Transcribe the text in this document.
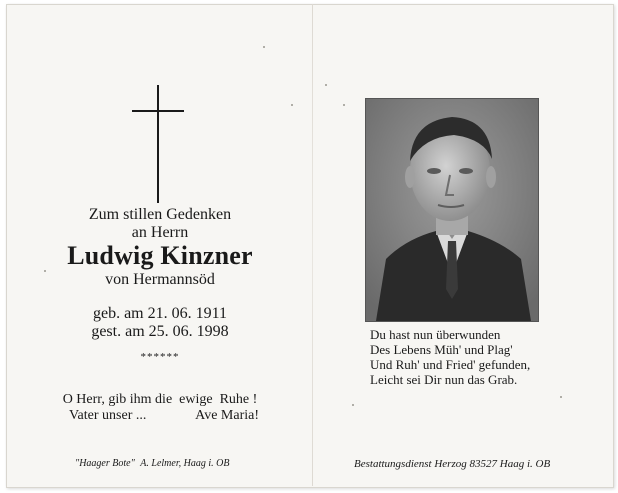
Zum stillen Gedenken
an Herrn
Ludwig Kinzner
von Hermannsöd
geb. am 21. 06. 1911
gest. am 25. 06. 1998
******
O Herr, gib ihm die  ewige  Ruhe !
Vater unser ...	Ave Maria!
"Haager Bote" A. Lelmer, Haag i. OB	Bestattungsdienst Herzog 83527 Haag i. OB
Du hast nun überwunden
Des Lebens Müh' und Plag'
Und Ruh' und Fried' gefunden,
Leicht sei Dir nun das Grab.
